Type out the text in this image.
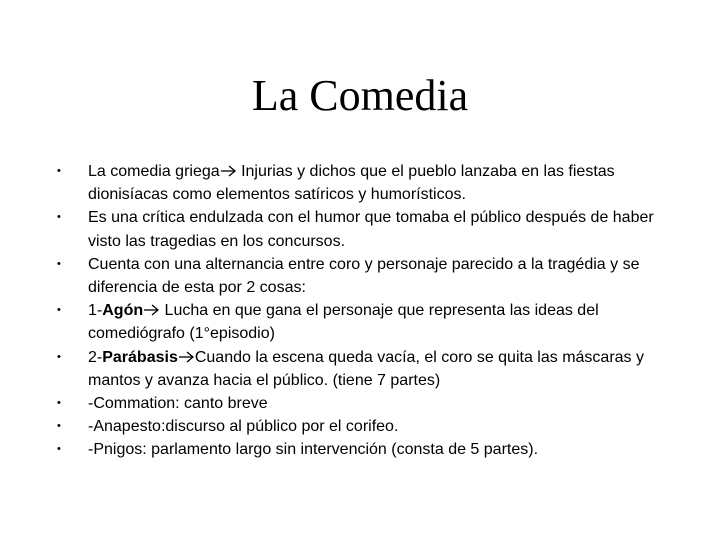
La Comedia
•	La comedia griega
Injurias y dichos que el pueblo lanzaba en las fiestas dionisíacas como elementos satíricos y humorísticos.
•	Es una crítica endulzada con el humor que tomaba el público después de haber visto las tragedias en los concursos.
•	Cuenta con una alternancia entre coro y personaje parecido a la tragédia y se diferencia de esta por 2 cosas:
•	1-Agón
Lucha en que gana el personaje que representa las ideas del comediógrafo (1°episodio)
•	2-Parábasis Cuando la escena queda vacía, el coro se quita las máscaras y mantos y avanza hacia el público. (tiene 7 partes)
•	-Commation: canto breve
•	-Anapesto:discurso al público por el corifeo.
•	-Pnigos: parlamento largo sin intervención (consta de 5 partes).
